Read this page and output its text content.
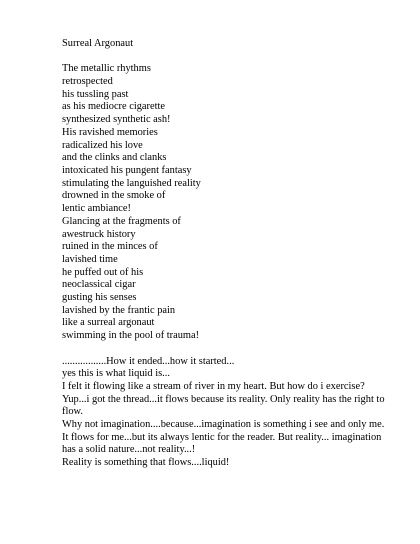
Surreal Argonaut
The metallic rhythms
retrospected
his tussling past
as his mediocre cigarette
synthesized synthetic ash!
His ravished memories
radicalized his love
and the clinks and clanks
intoxicated his pungent fantasy
stimulating the languished reality
drowned in the smoke of
lentic ambiance!
Glancing at the fragments of
awestruck history
ruined in the minces of
lavished time
he puffed out of his
neoclassical cigar
gusting his senses
lavished by the frantic pain
like a surreal argonaut
swimming in the pool of trauma!
.................How it ended...how it started...
yes this is what liquid is...
I felt it flowing like a stream of river in my heart. But how do i exercise? Yup...i got the thread...it flows because its reality. Only reality has the right to flow.
Why not imagination....because...imagination is something i see and only me. It flows for me...but its always lentic for the reader. But reality... imagination has a solid nature...not reality...!
Reality is something that flows....liquid!
